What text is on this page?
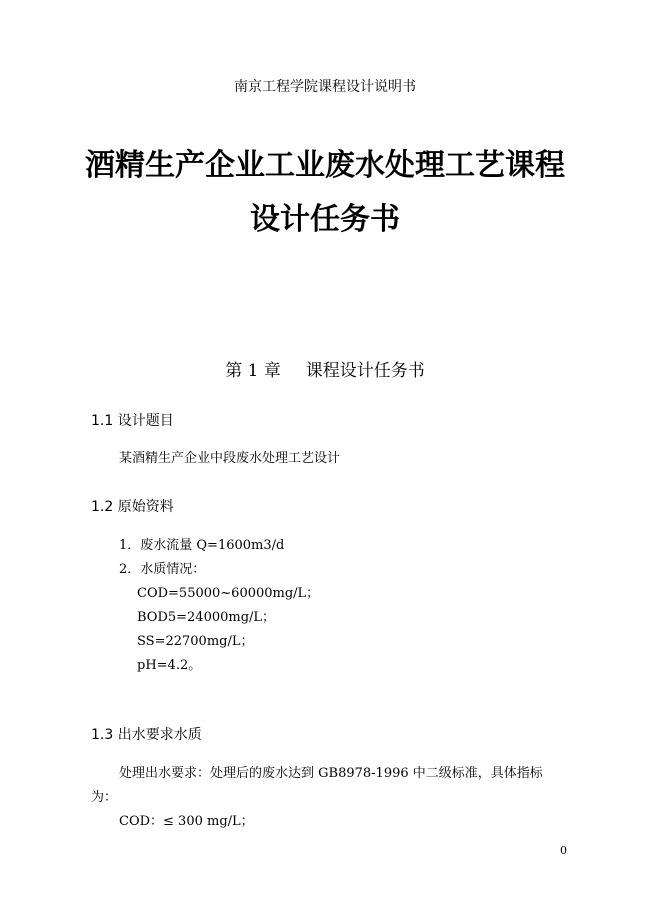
南京工程学院课程设计说明书
酒精生产企业工业废水处理工艺课程
设计任务书
第 1 章 课程设计任务书
1.1 设计题目
某酒精生产企业中段废水处理工艺设计
1.2 原始资料
1．废水流量 Q=1600m3/d
2．水质情况：
COD=55000~60000mg/L；
BOD5=24000mg/L；
SS=22700mg/L；
pH=4.2。
1.3 出水要求水质
处理出水要求：处理后的废水达到 GB8978-1996 中二级标准，具体指标
为：
COD：≤ 300 mg/L；
0
